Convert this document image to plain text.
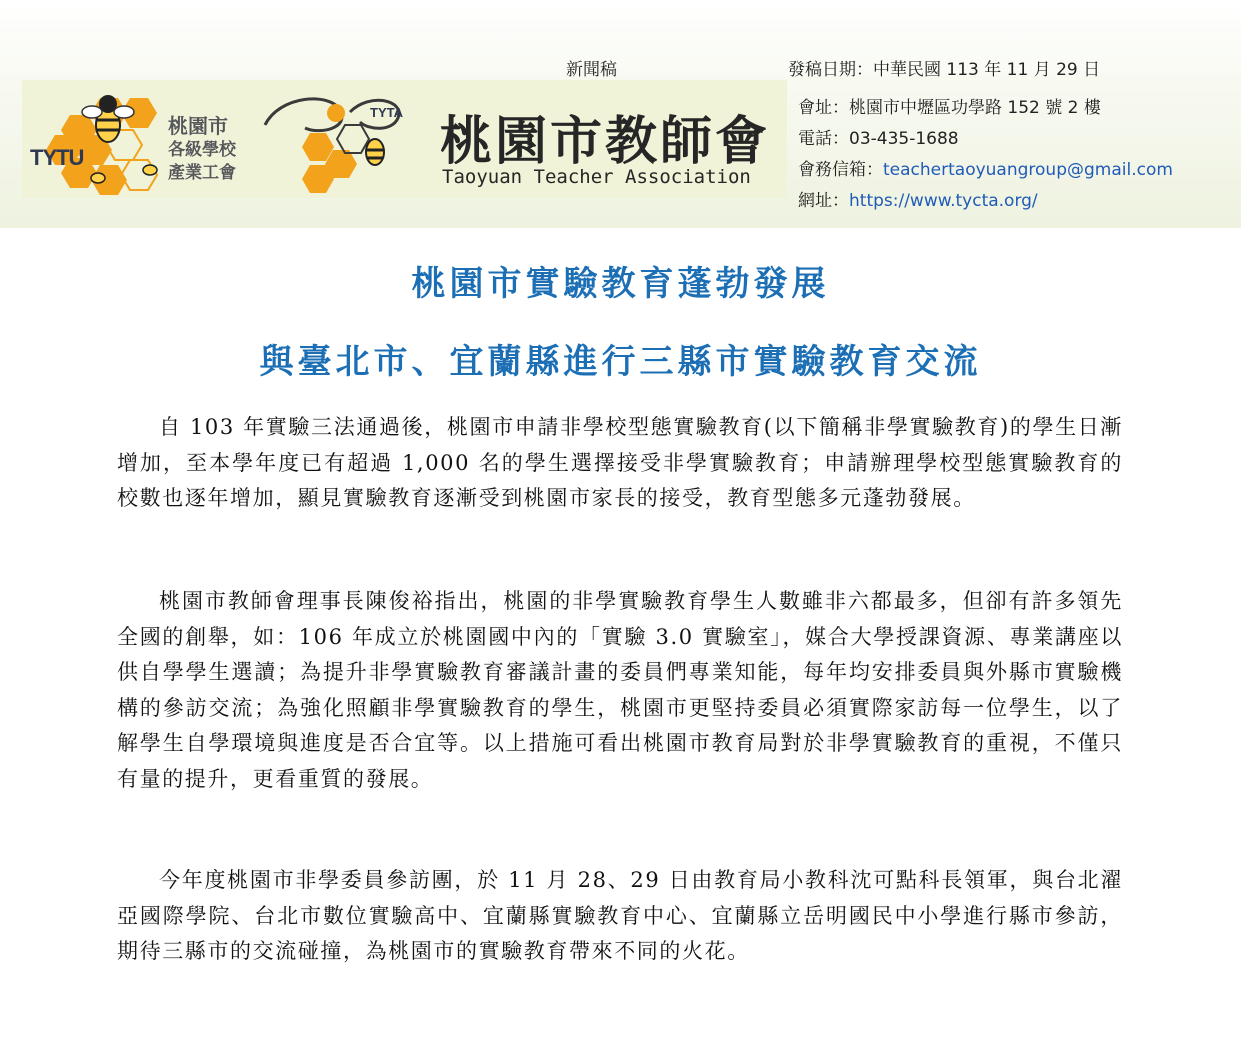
TYTU
桃園市
各級學校
產業工會
TYTA 桃園市教師會
Taoyuan Teacher Association
新聞稿	發稿日期：中華民國 113 年 11 月 29 日
會址：桃園市中壢區功學路 152 號 2 樓
電話：03-435-1688
會務信箱：teachertaoyuangroup@gmail.com
網址：https://www.tycta.org/
桃園市實驗教育蓬勃發展
與臺北市、宜蘭縣進行三縣市實驗教育交流

自 103 年實驗三法通過後，桃園市申請非學校型態實驗教育(以下簡稱非學實驗教育)的學生日漸增加，至本學年度已有超過 1,000 名的學生選擇接受非學實驗教育；申請辦理學校型態實驗教育的校數也逐年增加，顯見實驗教育逐漸受到桃園市家長的接受，教育型態多元蓬勃發展。

桃園市教師會理事長陳俊裕指出，桃園的非學實驗教育學生人數雖非六都最多，但卻有許多領先全國的創舉，如：106 年成立於桃園國中內的「實驗 3.0 實驗室」，媒合大學授課資源、專業講座以供自學學生選讀；為提升非學實驗教育審議計畫的委員們專業知能，每年均安排委員與外縣市實驗機構的參訪交流；為強化照顧非學實驗教育的學生，桃園市更堅持委員必須實際家訪每一位學生，以了解學生自學環境與進度是否合宜等。以上措施可看出桃園市教育局對於非學實驗教育的重視，不僅只有量的提升，更看重質的發展。

今年度桃園市非學委員參訪團，於 11 月 28、29 日由教育局小教科沈可點科長領軍，與台北濯亞國際學院、台北市數位實驗高中、宜蘭縣實驗教育中心、宜蘭縣立岳明國民中小學進行縣市參訪，期待三縣市的交流碰撞，為桃園市的實驗教育帶來不同的火花。
